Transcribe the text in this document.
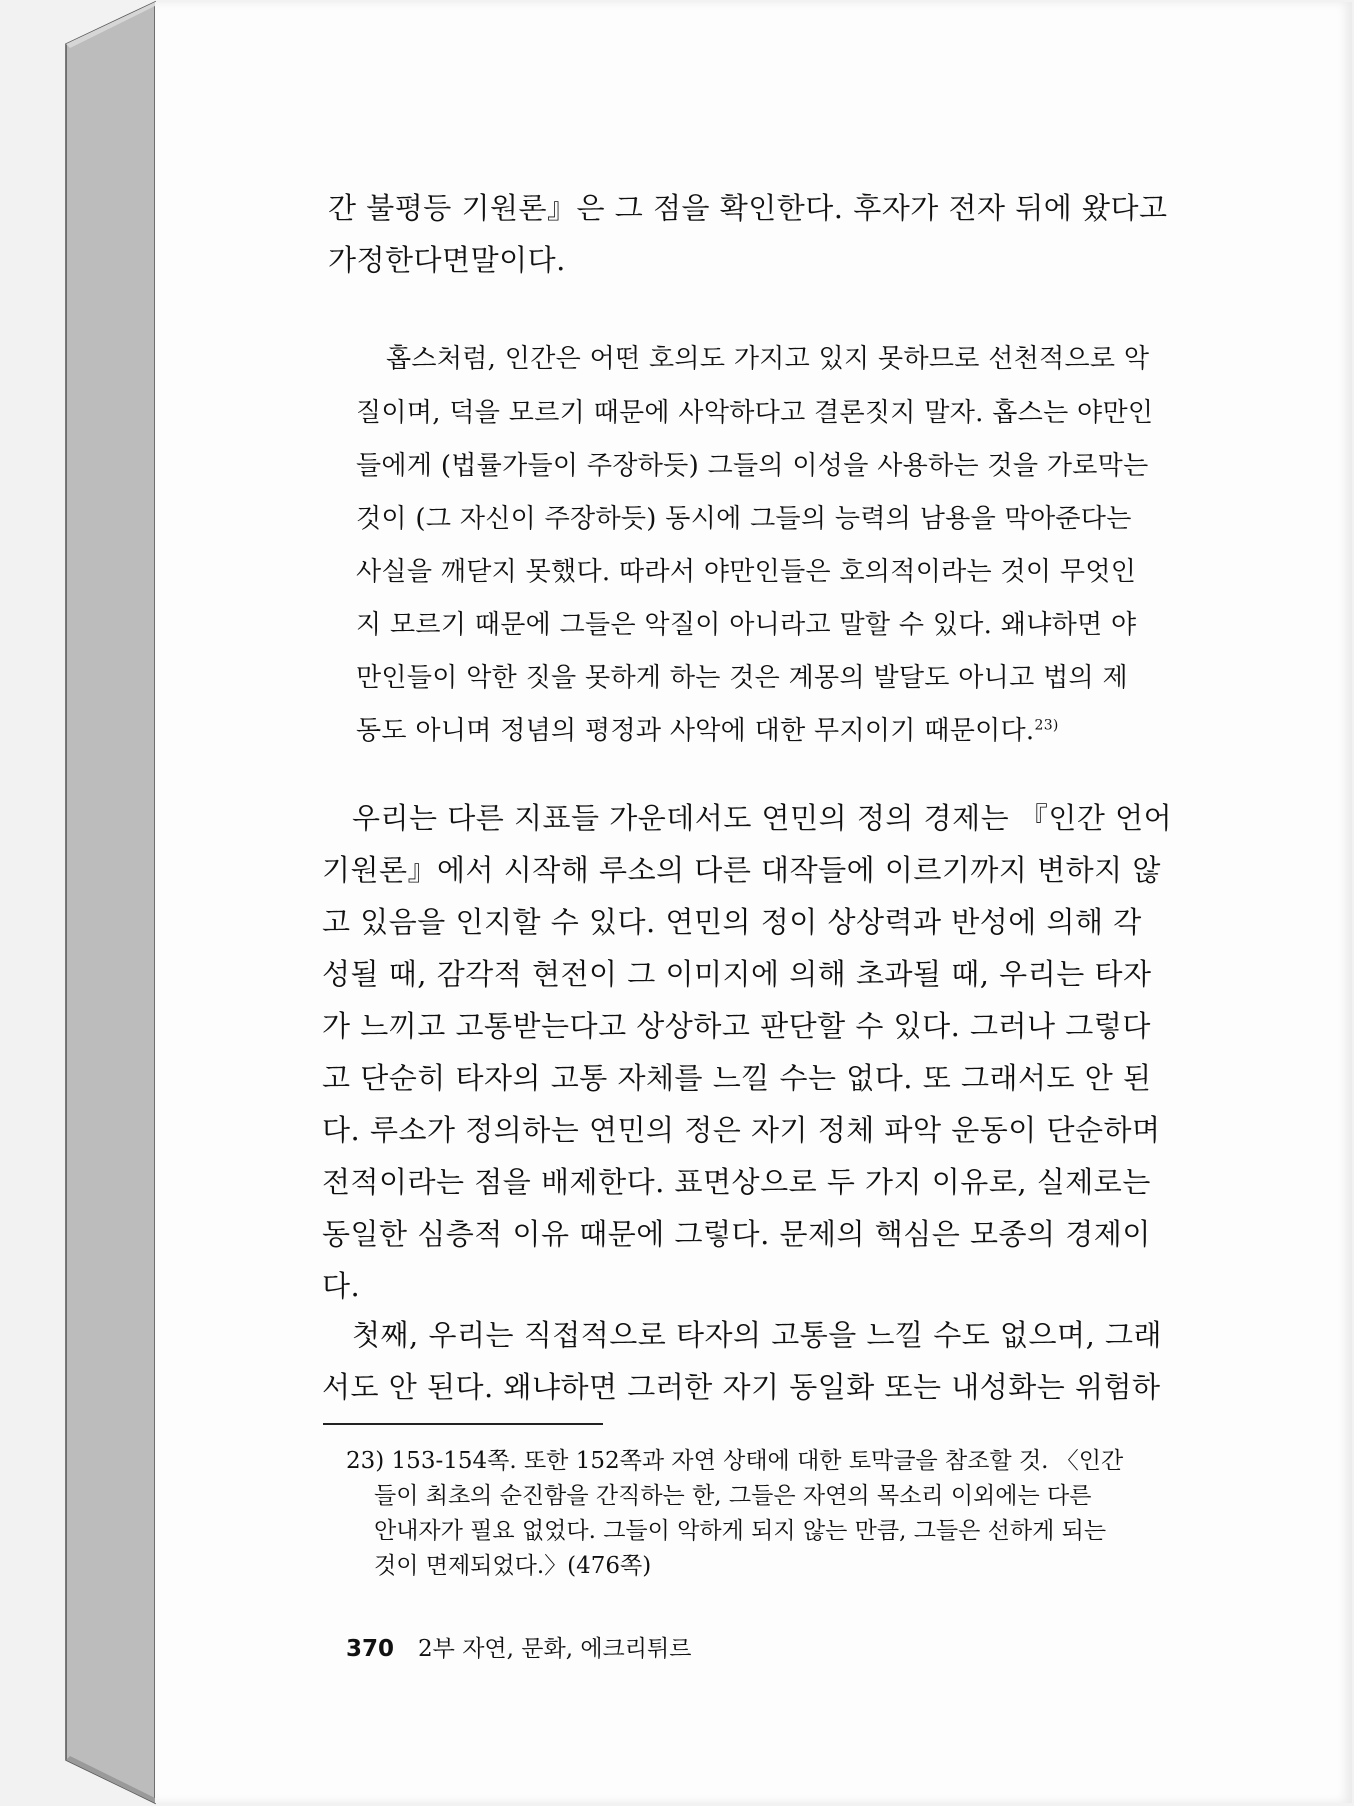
간 불평등 기원론』은 그 점을 확인한다. 후자가 전자 뒤에 왔다고
가정한다면말이다.
홉스처럼, 인간은 어떤 호의도 가지고 있지 못하므로 선천적으로 악
질이며, 덕을 모르기 때문에 사악하다고 결론짓지 말자. 홉스는 야만인
들에게 (법률가들이 주장하듯) 그들의 이성을 사용하는 것을 가로막는
것이 (그 자신이 주장하듯) 동시에 그들의 능력의 남용을 막아준다는
사실을 깨닫지 못했다. 따라서 야만인들은 호의적이라는 것이 무엇인
지 모르기 때문에 그들은 악질이 아니라고 말할 수 있다. 왜냐하면 야
만인들이 악한 짓을 못하게 하는 것은 계몽의 발달도 아니고 법의 제
동도 아니며 정념의 평정과 사악에 대한 무지이기 때문이다.$^{23)}$
우리는 다른 지표들 가운데서도 연민의 정의 경제는 『인간 언어
기원론』에서 시작해 루소의 다른 대작들에 이르기까지 변하지 않
고 있음을 인지할 수 있다. 연민의 정이 상상력과 반성에 의해 각
성될 때, 감각적 현전이 그 이미지에 의해 초과될 때, 우리는 타자
가 느끼고 고통받는다고 상상하고 판단할 수 있다. 그러나 그렇다
고 단순히 타자의 고통 자체를 느낄 수는 없다. 또 그래서도 안 된
다. 루소가 정의하는 연민의 정은 자기 정체 파악 운동이 단순하며
전적이라는 점을 배제한다. 표면상으로 두 가지 이유로, 실제로는
동일한 심층적 이유 때문에 그렇다. 문제의 핵심은 모종의 경제이
다.
첫째, 우리는 직접적으로 타자의 고통을 느낄 수도 없으며, 그래
서도 안 된다. 왜냐하면 그러한 자기 동일화 또는 내성화는 위험하
23) 153-154쪽. 또한 152쪽과 자연 상태에 대한 토막글을 참조할 것. 〈인간
들이 최초의 순진함을 간직하는 한, 그들은 자연의 목소리 이외에는 다른
안내자가 필요 없었다. 그들이 악하게 되지 않는 만큼, 그들은 선하게 되는
것이 면제되었다.〉(476쪽)
370 2부 자연, 문화, 에크리튀르
